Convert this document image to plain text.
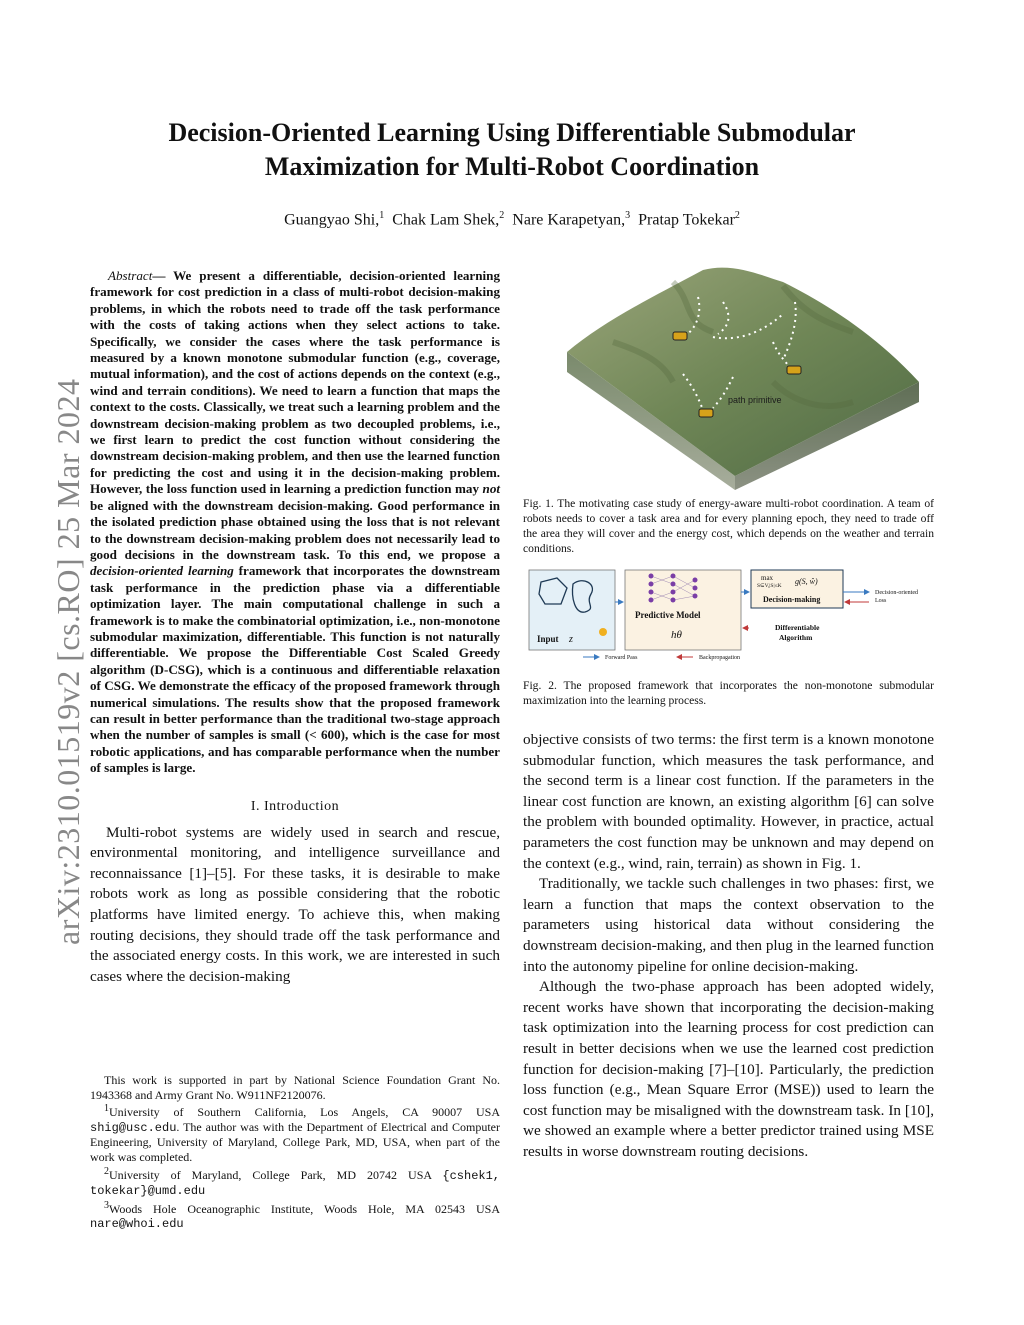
arXiv:2310.01519v2 [cs.RO] 25 Mar 2024
Decision-Oriented Learning Using Differentiable Submodular
Maximization for Multi-Robot Coordination
Guangyao Shi,$^1$ Chak Lam Shek,$^2$ Nare Karapetyan,$^3$ Pratap Tokekar$^2$

Abstract— We present a differentiable, decision-oriented learning framework for cost prediction in a class of multi-robot decision-making problems, in which the robots need to trade off the task performance with the costs of taking actions when they select actions to take. Specifically, we consider the cases where the task performance is measured by a known monotone submodular function (e.g., coverage, mutual information), and the cost of actions depends on the context (e.g., wind and terrain conditions). We need to learn a function that maps the context to the costs. Classically, we treat such a learning problem and the downstream decision-making problem as two decoupled problems, i.e., we first learn to predict the cost function without considering the downstream decision-making problem, and then use the learned function for predicting the cost and using it in the decision-making problem. However, the loss function used in learning a prediction function may not be aligned with the downstream decision-making. Good performance in the isolated prediction phase obtained using the loss that is not relevant to the downstream decision-making problem does not necessarily lead to good decisions in the downstream task. To this end, we propose a decision-oriented learning framework that incorporates the downstream task performance in the prediction phase via a differentiable optimization layer. The main computational challenge in such a framework is to make the combinatorial optimization, i.e., non-monotone submodular maximization, differentiable. This function is not naturally differentiable. We propose the Differentiable Cost Scaled Greedy algorithm (D-CSG), which is a continuous and differentiable relaxation of CSG. We demonstrate the efficacy of the proposed framework through numerical simulations. The results show that the proposed framework can result in better performance than the traditional two-stage approach when the number of samples is small (< 600), which is the case for most robotic applications, and has comparable performance when the number of samples is large.

I. Introduction

Multi-robot systems are widely used in search and rescue, environmental monitoring, and intelligence surveillance and reconnaissance [1]–[5]. For these tasks, it is desirable to make robots work as long as possible considering that the robotic platforms have limited energy. To achieve this, when making routing decisions, they should trade off the task performance and the associated energy costs. In this work, we are interested in such cases where the decision-making

This work is supported in part by National Science Foundation Grant No. 1943368 and Army Grant No. W911NF2120076.

$^1$University of Southern California, Los Angels, CA 90007 USA shig@usc.edu. The author was with the Department of Electrical and Computer Engineering, University of Maryland, College Park, MD, USA, when part of the work was completed.

$^2$University of Maryland, College Park, MD 20742 USA {cshek1, tokekar}@umd.edu

$^3$Woods Hole Oceanographic Institute, Woods Hole, MA 02543 USA nare@whoi.edu

path primitive

Fig. 1. The motivating case study of energy-aware multi-robot coordination. A team of robots needs to cover a task area and for every planning epoch, they need to trade off the area they will cover and the energy cost, which depends on the weather and terrain conditions.

Input z
Predictive Model
hθ
max
S⊆V,|S|≤K g(S, ŵ)
Decision-making
Differentiable
Algorithm
Decision-oriented
Loss
Forward Pass	Backpropagation

Fig. 2. The proposed framework that incorporates the non-monotone submodular maximization into the learning process.

objective consists of two terms: the first term is a known monotone submodular function, which measures the task performance, and the second term is a linear cost function. If the parameters in the linear cost function are known, an existing algorithm [6] can solve the problem with bounded optimality. However, in practice, actual parameters the cost function may be unknown and may depend on the context (e.g., wind, rain, terrain) as shown in Fig. 1.

Traditionally, we tackle such challenges in two phases: first, we learn a function that maps the context observation to the parameters using historical data without considering the downstream decision-making, and then plug in the learned function into the autonomy pipeline for online decision-making.

Although the two-phase approach has been adopted widely, recent works have shown that incorporating the decision-making task optimization into the learning process for cost prediction can result in better decisions when we use the learned cost prediction function for decision-making [7]–[10]. Particularly, the prediction loss function (e.g., Mean Square Error (MSE)) used to learn the cost function may be misaligned with the downstream task. In [10], we showed an example where a better predictor trained using MSE results in worse downstream routing decisions.
